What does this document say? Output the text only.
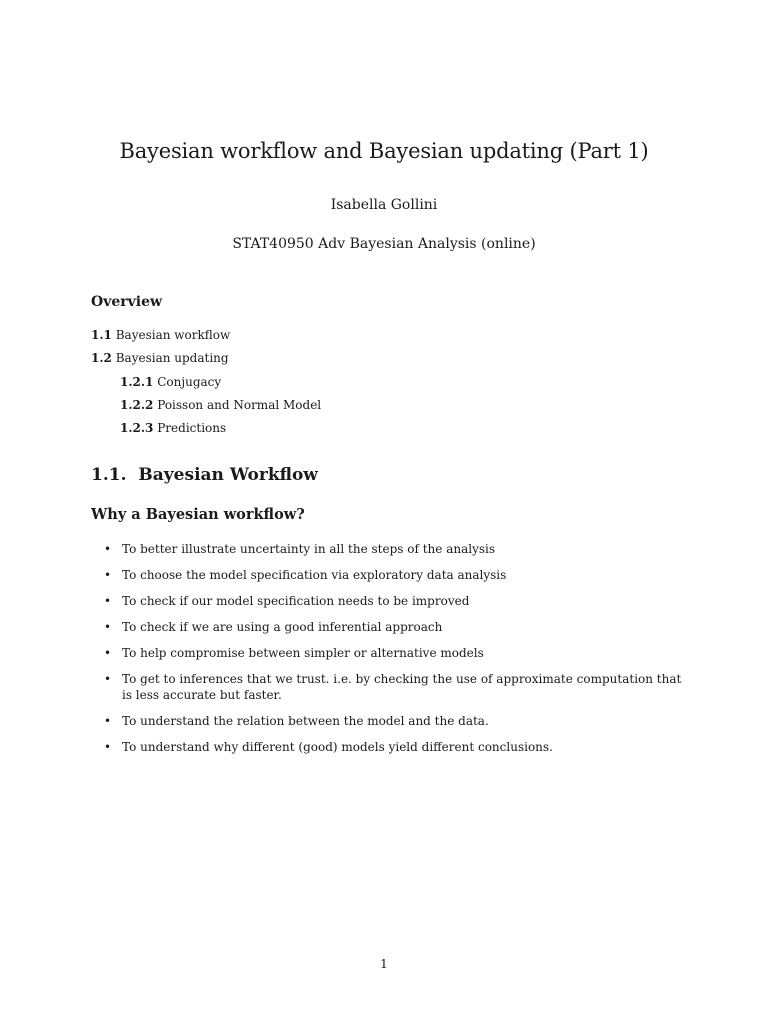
Bayesian workflow and Bayesian updating (Part 1)
Isabella Gollini
STAT40950 Adv Bayesian Analysis (online)
Overview
1.1 Bayesian workflow
1.2 Bayesian updating
1.2.1 Conjugacy
1.2.2 Poisson and Normal Model
1.2.3 Predictions
1.1. Bayesian Workflow
Why a Bayesian workflow?
• To better illustrate uncertainty in all the steps of the analysis
• To choose the model specification via exploratory data analysis
• To check if our model specification needs to be improved
• To check if we are using a good inferential approach
• To help compromise between simpler or alternative models
• To get to inferences that we trust. i.e. by checking the use of approximate computation that is less accurate but faster.
• To understand the relation between the model and the data.
• To understand why different (good) models yield different conclusions.
1
